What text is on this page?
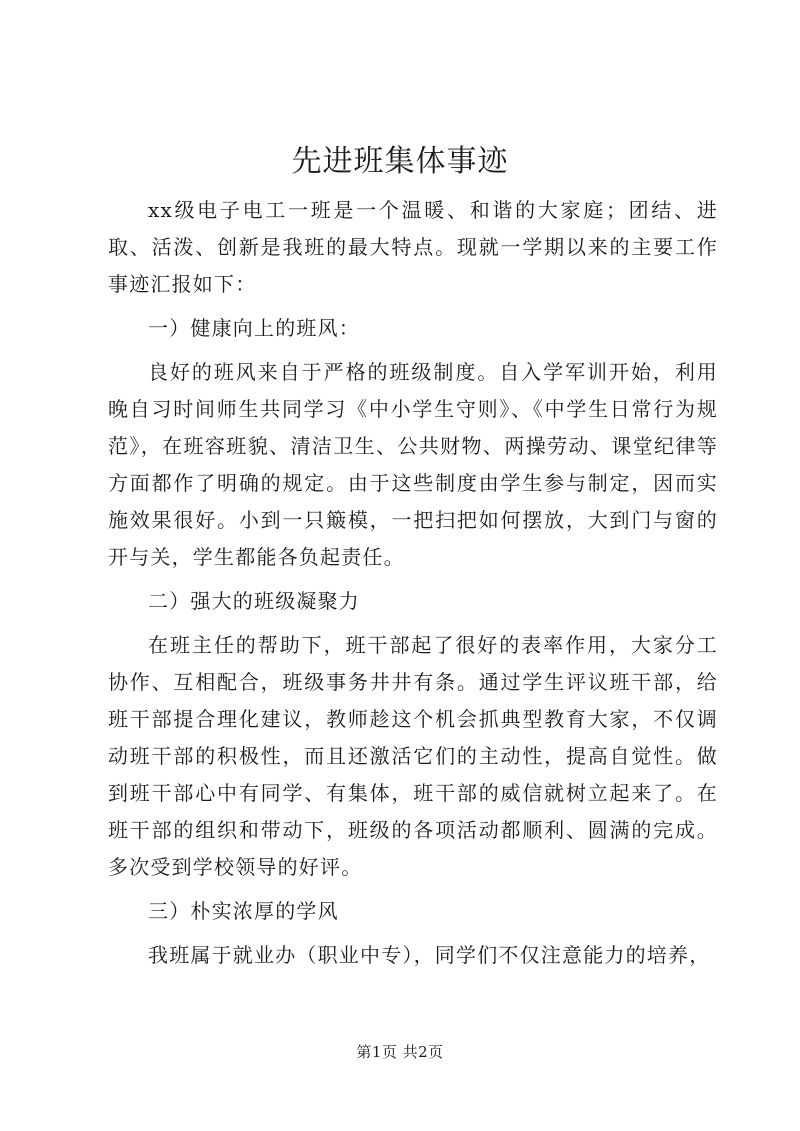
先进班集体事迹

xx级电子电工一班是一个温暖、和谐的大家庭；团结、进取、活泼、创新是我班的最大特点。现就一学期以来的主要工作事迹汇报如下：

一）健康向上的班风：

良好的班风来自于严格的班级制度。自入学军训开始，利用晚自习时间师生共同学习《中小学生守则》、《中学生日常行为规范》，在班容班貌、清洁卫生、公共财物、两操劳动、课堂纪律等方面都作了明确的规定。由于这些制度由学生参与制定，因而实施效果很好。小到一只簸模，一把扫把如何摆放，大到门与窗的开与关，学生都能各负起责任。

二）强大的班级凝聚力

在班主任的帮助下，班干部起了很好的表率作用，大家分工协作、互相配合，班级事务井井有条。通过学生评议班干部，给班干部提合理化建议，教师趁这个机会抓典型教育大家，不仅调动班干部的积极性，而且还激活它们的主动性，提高自觉性。做到班干部心中有同学、有集体，班干部的威信就树立起来了。在班干部的组织和带动下，班级的各项活动都顺利、圆满的完成。多次受到学校领导的好评。

三）朴实浓厚的学风

我班属于就业办（职业中专），同学们不仅注意能力的培养，

第1页 共2页
